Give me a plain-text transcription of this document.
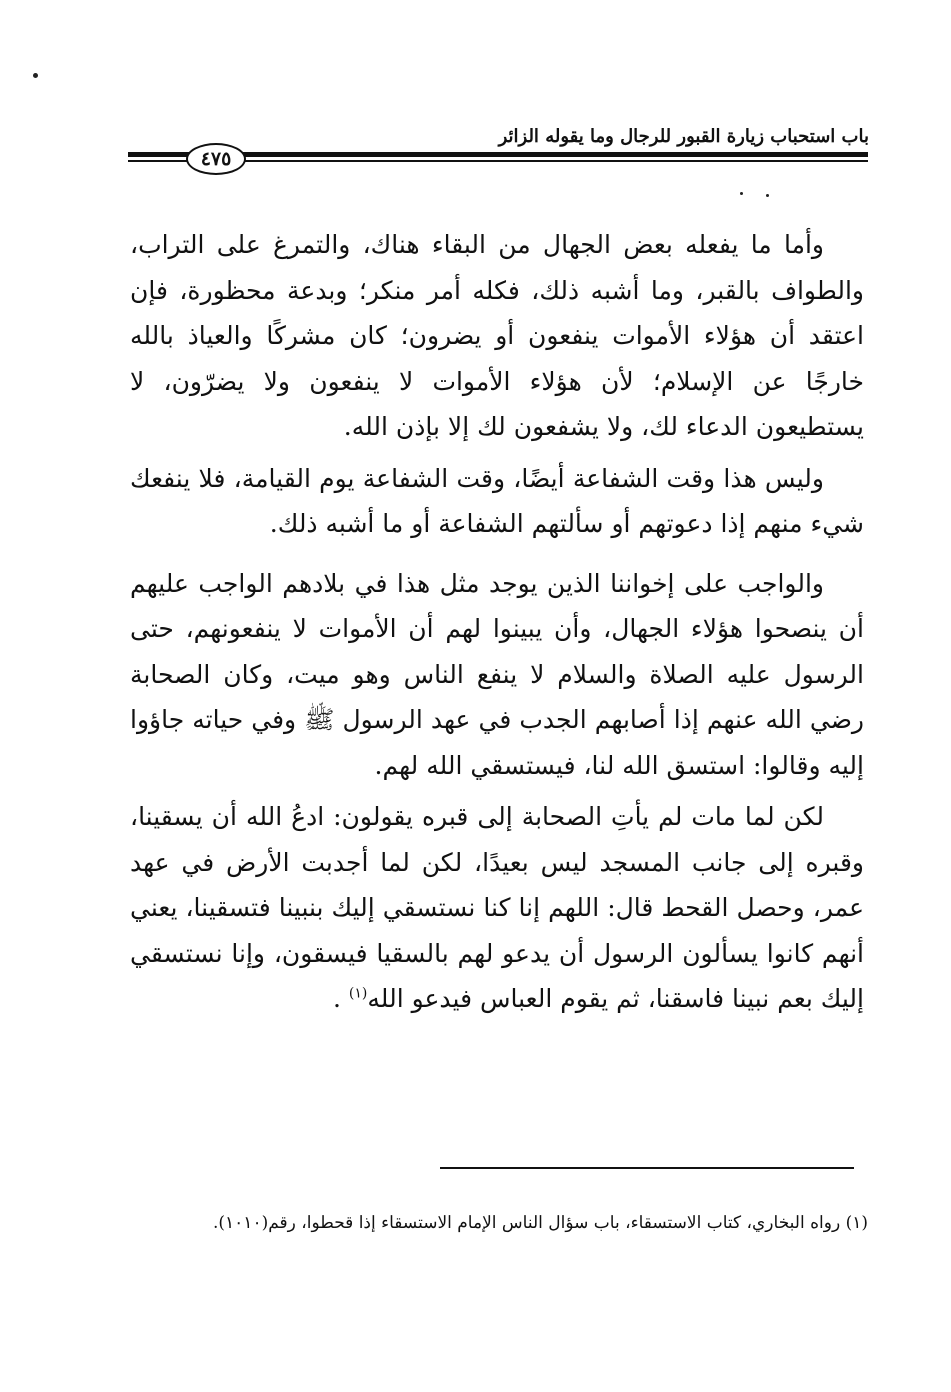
باب استحباب زيارة القبور للرجال وما يقوله الزائر
٤٧٥

وأما ما يفعله بعض الجهال من البقاء هناك، والتمرغ على التراب، والطواف بالقبر، وما أشبه ذلك، فكله أمر منكر؛ وبدعة محظورة، فإن اعتقد أن هؤلاء الأموات ينفعون أو يضرون؛ كان مشركًا والعياذ بالله خارجًا عن الإسلام؛ لأن هؤلاء الأموات لا ينفعون ولا يضرّون، لا يستطيعون الدعاء لك، ولا يشفعون لك إلا بإذن الله.

وليس هذا وقت الشفاعة أيضًا، وقت الشفاعة يوم القيامة، فلا ينفعك شيء منهم إذا دعوتهم أو سألتهم الشفاعة أو ما أشبه ذلك.

والواجب على إخواننا الذين يوجد مثل هذا في بلادهم الواجب عليهم أن ينصحوا هؤلاء الجهال، وأن يبينوا لهم أن الأموات لا ينفعونهم، حتى الرسول عليه الصلاة والسلام لا ينفع الناس وهو ميت، وكان الصحابة رضي الله عنهم إذا أصابهم الجدب في عهد الرسول ﷺ وفي حياته جاؤوا إليه وقالوا: استسق الله لنا، فيستسقي الله لهم.

لكن لما مات لم يأتِ الصحابة إلى قبره يقولون: ادعُ الله أن يسقينا، وقبره إلى جانب المسجد ليس بعيدًا، لكن لما أجدبت الأرض في عهد عمر، وحصل القحط قال: اللهم إنا كنا نستسقي إليك بنبينا فتسقينا، يعني أنهم كانوا يسألون الرسول أن يدعو لهم بالسقيا فيسقون، وإنا نستسقي إليك بعم نبينا فاسقنا، ثم يقوم العباس فيدعو الله$^{(١)}$ .

(١) رواه البخاري، كتاب الاستسقاء، باب سؤال الناس الإمام الاستسقاء إذا قحطوا، رقم(١٠١٠).
